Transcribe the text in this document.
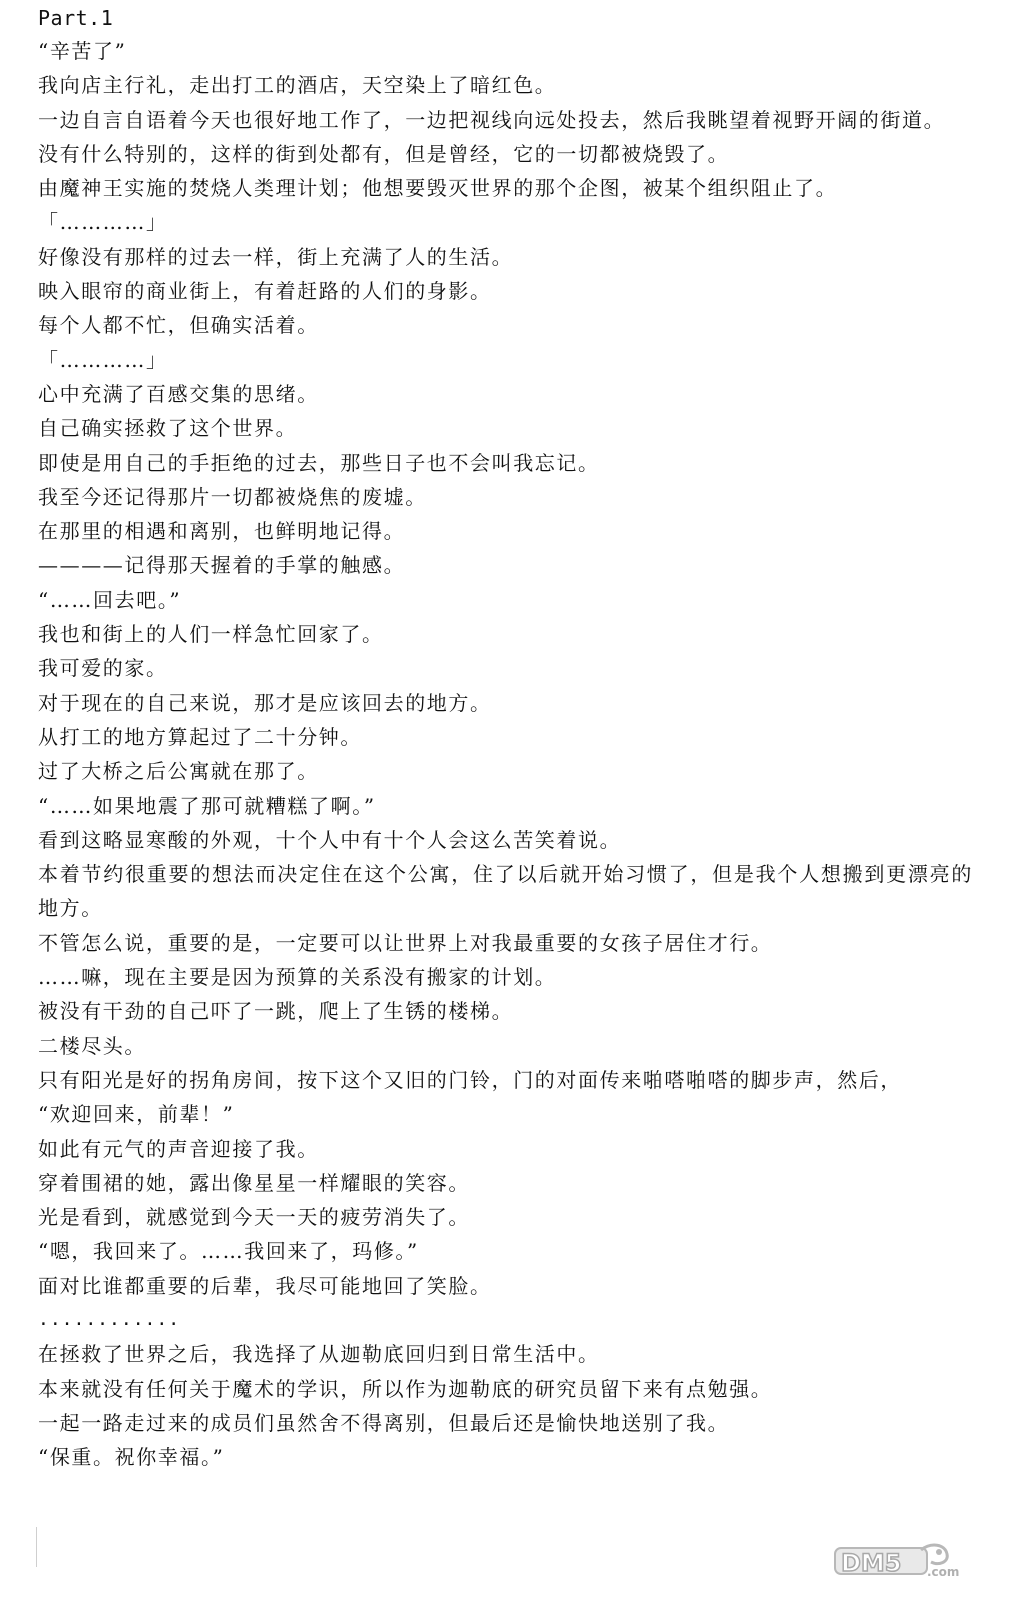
Part.1

“辛苦了”

我向店主行礼，走出打工的酒店，天空染上了暗红色。

一边自言自语着今天也很好地工作了，一边把视线向远处投去，然后我眺望着视野开阔的街道。

没有什么特别的，这样的街到处都有，但是曾经，它的一切都被烧毁了。

由魔神王实施的焚烧人类理计划；他想要毁灭世界的那个企图，被某个组织阻止了。

「…………」

好像没有那样的过去一样，街上充满了人的生活。

映入眼帘的商业街上，有着赶路的人们的身影。

每个人都不忙，但确实活着。

「…………」

心中充满了百感交集的思绪。

自己确实拯救了这个世界。

即使是用自己的手拒绝的过去，那些日子也不会叫我忘记。

我至今还记得那片一切都被烧焦的废墟。

在那里的相遇和离别，也鲜明地记得。

————记得那天握着的手掌的触感。

“……回去吧。”

我也和街上的人们一样急忙回家了。

我可爱的家。

对于现在的自己来说，那才是应该回去的地方。

从打工的地方算起过了二十分钟。

过了大桥之后公寓就在那了。

“……如果地震了那可就糟糕了啊。”

看到这略显寒酸的外观，十个人中有十个人会这么苦笑着说。

本着节约很重要的想法而决定住在这个公寓，住了以后就开始习惯了，但是我个人想搬到更漂亮的地方。

不管怎么说，重要的是，一定要可以让世界上对我最重要的女孩子居住才行。

……嘛，现在主要是因为预算的关系没有搬家的计划。

被没有干劲的自己吓了一跳，爬上了生锈的楼梯。

二楼尽头。

只有阳光是好的拐角房间，按下这个又旧的门铃，门的对面传来啪嗒啪嗒的脚步声，然后，

“欢迎回来，前辈！”

如此有元气的声音迎接了我。

穿着围裙的她，露出像星星一样耀眼的笑容。

光是看到，就感觉到今天一天的疲劳消失了。

“嗯，我回来了。……我回来了，玛修。”

面对比谁都重要的后辈，我尽可能地回了笑脸。

............

在拯救了世界之后，我选择了从迦勒底回归到日常生活中。

本来就没有任何关于魔术的学识，所以作为迦勒底的研究员留下来有点勉强。

一起一路走过来的成员们虽然舍不得离别，但最后还是愉快地送别了我。

“保重。祝你幸福。”

DM5 .com
